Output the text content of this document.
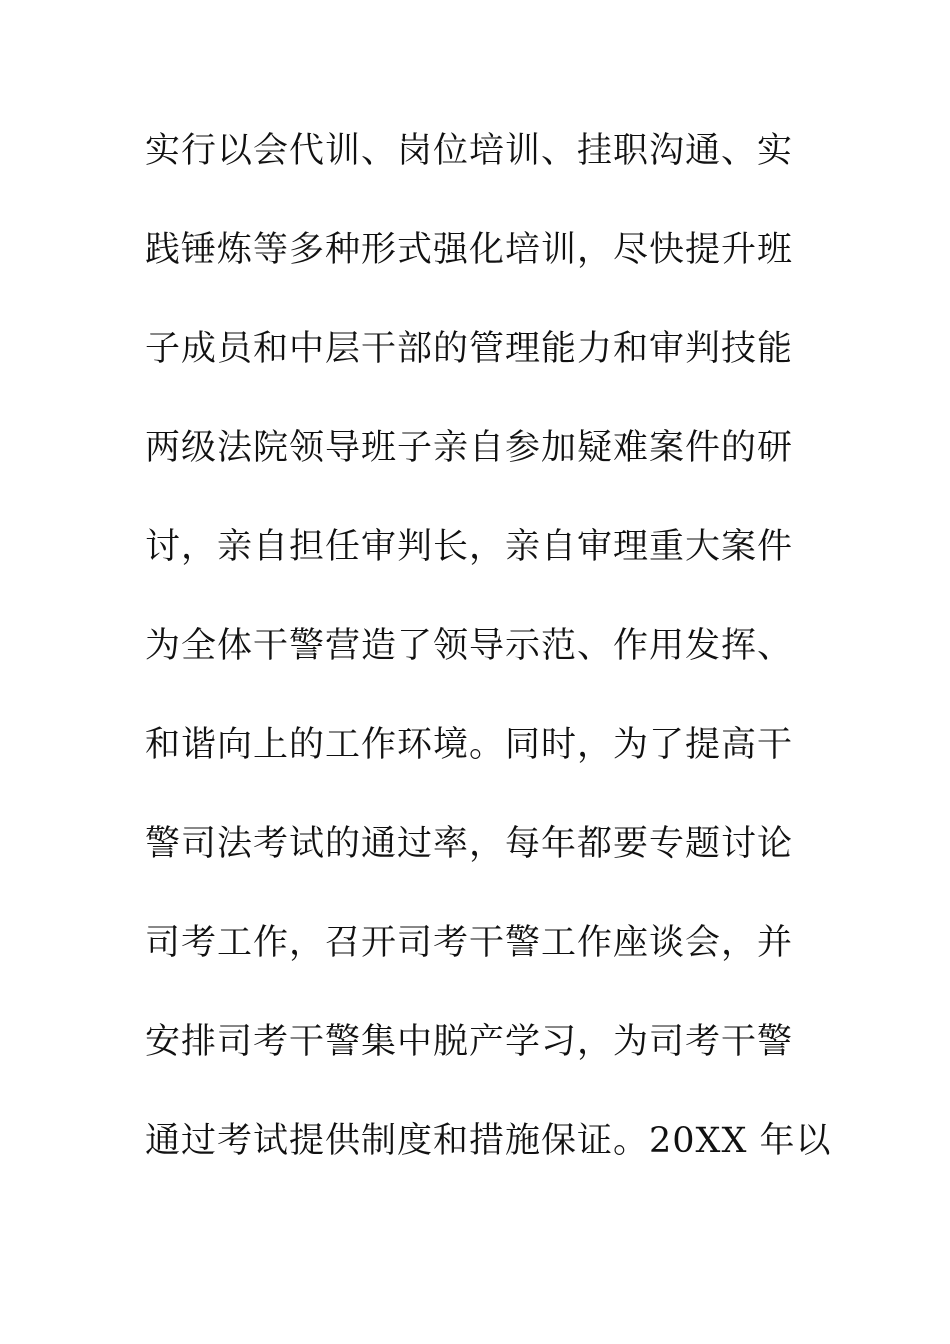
实行以会代训、岗位培训、挂职沟通、实
践锤炼等多种形式强化培训，尽快提升班
子成员和中层干部的管理能力和审判技能
两级法院领导班子亲自参加疑难案件的研
讨，亲自担任审判长，亲自审理重大案件
为全体干警营造了领导示范、作用发挥、
和谐向上的工作环境。同时，为了提高干
警司法考试的通过率，每年都要专题讨论
司考工作，召开司考干警工作座谈会，并
安排司考干警集中脱产学习，为司考干警
通过考试提供制度和措施保证。20XX 年以
